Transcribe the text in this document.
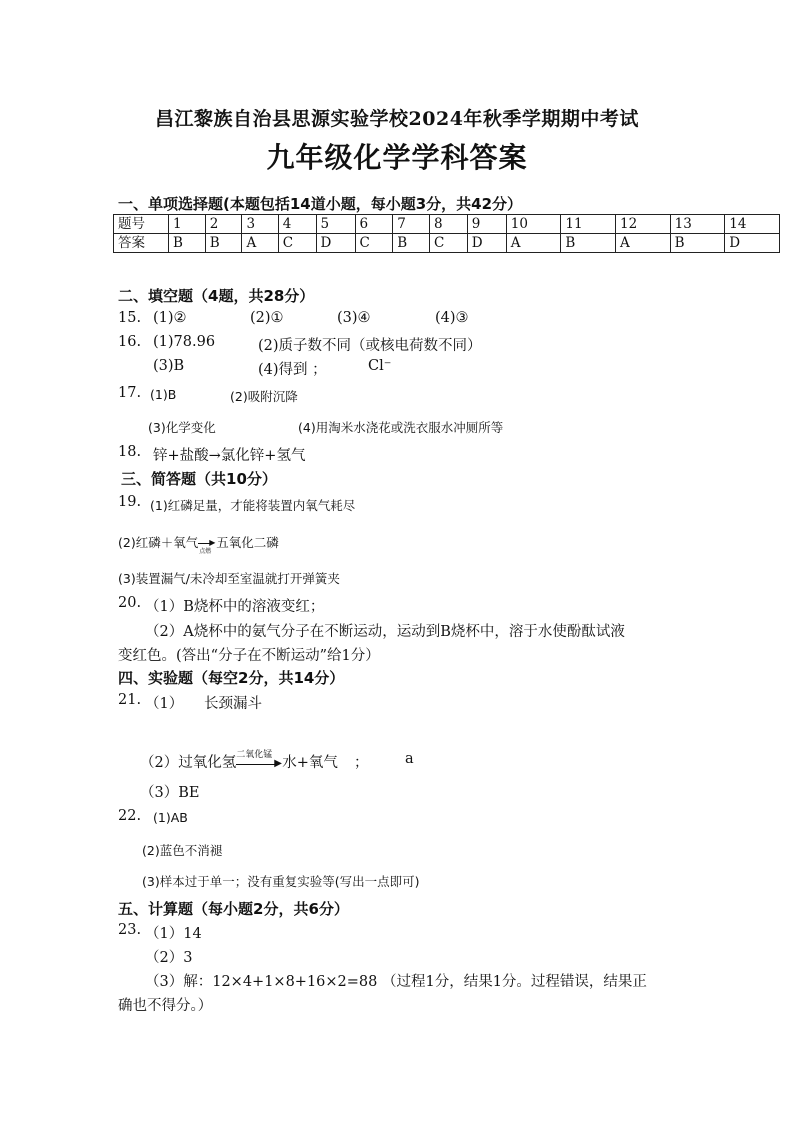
昌江黎族自治县思源实验学校2024年秋季学期期中考试
九年级化学学科答案
一、单项选择题(本题包括14道小题，每小题3分，共42分）
题号	1	2	3	4	5	6	7	8	9	10	11	12	13	14
答案	B	B	A	C	D	C	B	C	D	A	B	A	B	D
二、填空题（4题，共28分）
15. (1)②	(2)①	(3)④	(4)③
16. (1)78.96	(2)质子数不同（或核电荷数不同）
(3)B	(4)得到 ；	Cl⁻
17. (1)B	(2)吸附沉降
(3)化学变化	(4)用淘米水浇花或洗衣服水冲厕所等
18. 锌+盐酸→氯化锌+氢气
三、简答题（共10分）
19. (1)红磷足量，才能将装置内氧气耗尽
(2)红磷＋氧气 ▶
点燃
五氧化二磷
(3)装置漏气/未冷却至室温就打开弹簧夹
20. （1）B烧杯中的溶液变红；
（2）A烧杯中的氨气分子在不断运动，运动到B烧杯中，溶于水使酚酞试液
变红色。(答出“分子在不断运动”给1分）
四、实验题（每空2分，共14分）
21. （1） 长颈漏斗
（2）过氧化氢 二氧化锰
▶ 水+氧气 ；	a
（3）BE
22. (1)AB
(2)蓝色不消褪
(3)样本过于单一；没有重复实验等(写出一点即可)
五、计算题（每小题2分，共6分）
23. （1）14
（2）3
（3）解：12×4+1×8+16×2=88 （过程1分，结果1分。过程错误，结果正
确也不得分。）
